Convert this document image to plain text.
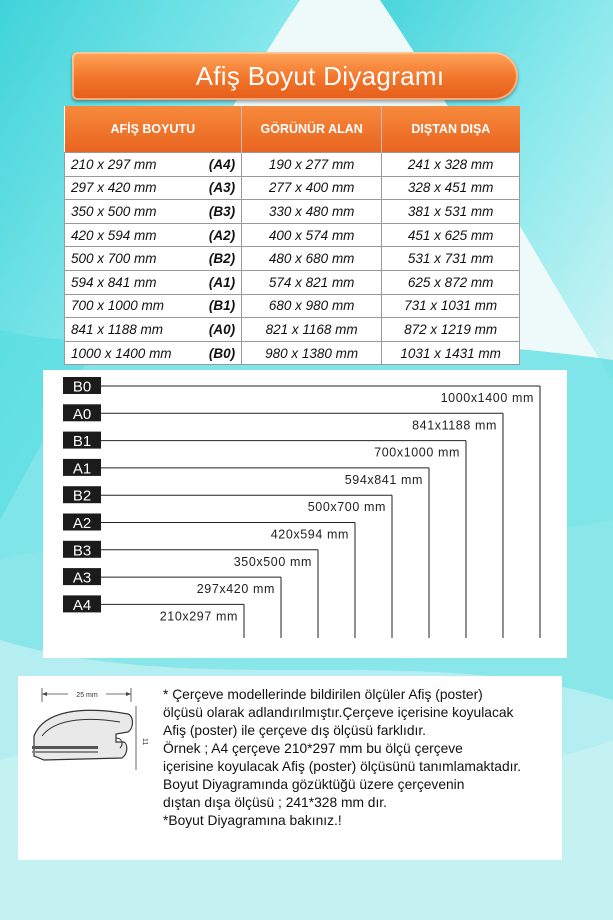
Afiş Boyut Diyagramı
AFİŞ BOYUTU	GÖRÜNÜR ALAN	DIŞTAN DIŞA
210 x 297 mm (A4)	190 x 277 mm	241 x 328 mm
297 x 420 mm (A3)	277 x 400 mm	328 x 451 mm
350 x 500 mm (B3)	330 x 480 mm	381 x 531 mm
420 x 594 mm (A2)	400 x 574 mm	451 x 625 mm
500 x 700 mm (B2)	480 x 680 mm	531 x 731 mm
594 x 841 mm (A1)	574 x 821 mm	625 x 872 mm
700 x 1000 mm (B1)	680 x 980 mm	731 x 1031 mm
841 x 1188 mm (A0)	821 x 1168 mm	872 x 1219 mm
1000 x 1400 mm (B0)	980 x 1380 mm	1031 x 1431 mm
B0
1000x1400 mm
A0
841x1188 mm
B1
700x1000 mm
A1
594x841 mm
B2
500x700 mm
A2
420x594 mm
B3
350x500 mm
A3
297x420 mm
A4
210x297 mm
25 mm
11
* Çerçeve modellerinde bildirilen ölçüler Afiş (poster)
ölçüsü olarak adlandırılmıştır.Çerçeve içerisine koyulacak
Afiş (poster) ile çerçeve dış ölçüsü farklıdır.
Örnek ; A4 çerçeve 210*297 mm bu ölçü çerçeve
içerisine koyulacak Afiş (poster) ölçüsünü tanımlamaktadır.
Boyut Diyagramında gözüktüğü üzere çerçevenin
dıştan dışa ölçüsü ; 241*328 mm dır.
*Boyut Diyagramına bakınız.!
